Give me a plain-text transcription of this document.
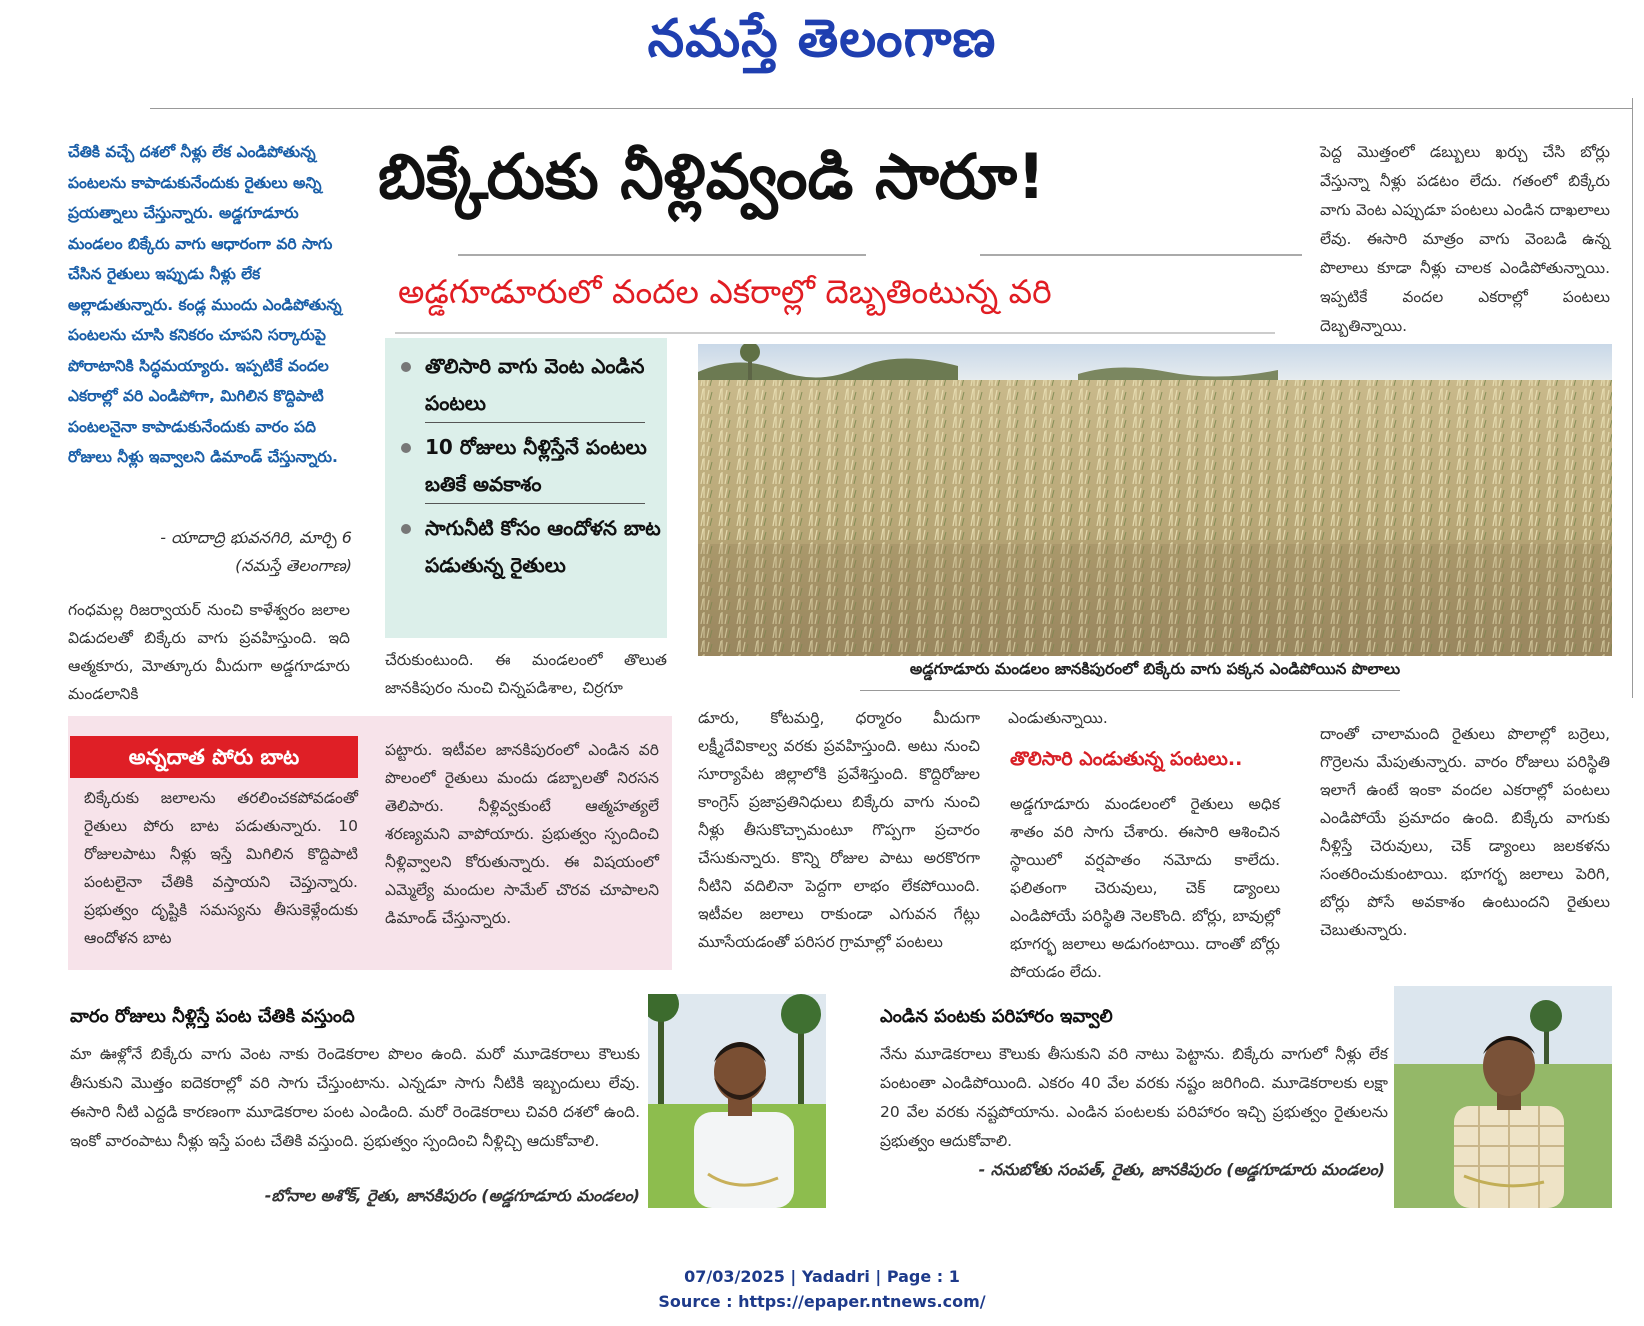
నమస్తే తెలంగాణ
చేతికి వచ్చే దశలో నీళ్లు లేక ఎండిపోతున్న పంటలను కాపాడుకునేందుకు రైతులు అన్ని ప్రయత్నాలు చేస్తున్నారు. అడ్డగూడూరు మండలం బిక్కేరు వాగు ఆధారంగా వరి సాగు చేసిన రైతులు ఇప్పుడు నీళ్లు లేక అల్లాడుతున్నారు. కండ్ల ముందు ఎండిపోతున్న పంటలను చూసి కనికరం చూపని సర్కారుపై పోరాటానికి సిద్ధమయ్యారు. ఇప్పటికే వందల ఎకరాల్లో వరి ఎండిపోగా, మిగిలిన కొద్దిపాటి పంటలనైనా కాపాడుకునేందుకు వారం పది రోజులు నీళ్లు ఇవ్వాలని డిమాండ్ చేస్తున్నారు.
- యాదాద్రి భువనగిరి, మార్చి 6
(నమస్తే తెలంగాణ)
బిక్కేరుకు నీళ్లివ్వండి సారూ!
అడ్డగూడూరులో వందల ఎకరాల్లో దెబ్బతింటున్న వరి
పెద్ద మొత్తంలో డబ్బులు ఖర్చు చేసి బోర్లు వేస్తున్నా నీళ్లు పడటం లేదు. గతంలో బిక్కేరు వాగు వెంట ఎప్పుడూ పంటలు ఎండిన దాఖలాలు లేవు. ఈసారి మాత్రం వాగు వెంబడి ఉన్న పొలాలు కూడా నీళ్లు చాలక ఎండిపోతున్నాయి. ఇప్పటికే వందల ఎకరాల్లో పంటలు దెబ్బతిన్నాయి.
తొలిసారి వాగు వెంట ఎండిన పంటలు
10 రోజులు నీళ్లిస్తేనే పంటలు బతికే అవకాశం
సాగునీటి కోసం ఆందోళన బాట పడుతున్న రైతులు
అడ్డగూడూరు మండలం జానకిపురంలో బిక్కేరు వాగు పక్కన ఎండిపోయిన పొలాలు
గంధమల్ల రిజర్వాయర్ నుంచి కాళేశ్వరం జలాల విడుదలతో బిక్కేరు వాగు ప్రవహిస్తుంది. ఇది ఆత్మకూరు, మోత్కూరు మీదుగా అడ్డగూడూరు మండలానికి
చేరుకుంటుంది. ఈ మండలంలో తొలుత జానకిపురం నుంచి చిన్నపడిశాల, చిర్రగూ
అన్నదాత పోరు బాట
బిక్కేరుకు జలాలను తరలించకపోవడంతో రైతులు పోరు బాట పడుతున్నారు. 10 రోజులపాటు నీళ్లు ఇస్తే మిగిలిన కొద్దిపాటి పంటలైనా చేతికి వస్తాయని చెప్తున్నారు. ప్రభుత్వం దృష్టికి సమస్యను తీసుకెళ్లేందుకు ఆందోళన బాట
పట్టారు. ఇటీవల జానకిపురంలో ఎండిన వరి పొలంలో రైతులు మందు డబ్బాలతో నిరసన తెలిపారు. నీళ్లివ్వకుంటే ఆత్మహత్యలే శరణ్యమని వాపోయారు. ప్రభుత్వం స్పందించి నీళ్లివ్వాలని కోరుతున్నారు. ఈ విషయంలో ఎమ్మెల్యే మందుల సామేల్ చొరవ చూపాలని డిమాండ్ చేస్తున్నారు.
డూరు, కోటమర్తి, ధర్మారం మీదుగా లక్ష్మీదేవికాల్వ వరకు ప్రవహిస్తుంది. అటు నుంచి సూర్యాపేట జిల్లాలోకి ప్రవేశిస్తుంది. కొద్దిరోజుల కాంగ్రెస్ ప్రజాప్రతినిధులు బిక్కేరు వాగు నుంచి నీళ్లు తీసుకొచ్చామంటూ గొప్పగా ప్రచారం చేసుకున్నారు. కొన్ని రోజుల పాటు అరకొరగా నీటిని వదిలినా పెద్దగా లాభం లేకపోయింది. ఇటీవల జలాలు రాకుండా ఎగువన గేట్లు మూసేయడంతో పరిసర గ్రామాల్లో పంటలు
ఎండుతున్నాయి.
తొలిసారి ఎండుతున్న పంటలు..
అడ్డగూడూరు మండలంలో రైతులు అధిక శాతం వరి సాగు చేశారు. ఈసారి ఆశించిన స్థాయిలో వర్షపాతం నమోదు కాలేదు. ఫలితంగా చెరువులు, చెక్ డ్యాంలు ఎండిపోయే పరిస్థితి నెలకొంది. బోర్లు, బావుల్లో భూగర్భ జలాలు అడుగంటాయి. దాంతో బోర్లు పోయడం లేదు.
దాంతో చాలామంది రైతులు పొలాల్లో బర్రెలు, గొర్రెలను మేపుతున్నారు. వారం రోజులు పరిస్థితి ఇలాగే ఉంటే ఇంకా వందల ఎకరాల్లో పంటలు ఎండిపోయే ప్రమాదం ఉంది. బిక్కేరు వాగుకు నీళ్లిస్తే చెరువులు, చెక్ డ్యాంలు జలకళను సంతరించుకుంటాయి. భూగర్భ జలాలు పెరిగి, బోర్లు పోసే అవకాశం ఉంటుందని రైతులు చెబుతున్నారు.
వారం రోజులు నీళ్లిస్తే పంట చేతికి వస్తుంది
మా ఊళ్లోనే బిక్కేరు వాగు వెంట నాకు రెండెకరాల పొలం ఉంది. మరో మూడెకరాలు కౌలుకు తీసుకుని మొత్తం ఐదెకరాల్లో వరి సాగు చేస్తుంటాను. ఎన్నడూ సాగు నీటికి ఇబ్బందులు లేవు. ఈసారి నీటి ఎద్దడి కారణంగా మూడెకరాల పంట ఎండింది. మరో రెండెకరాలు చివరి దశలో ఉంది. ఇంకో వారంపాటు నీళ్లు ఇస్తే పంట చేతికి వస్తుంది. ప్రభుత్వం స్పందించి నీళ్లిచ్చి ఆదుకోవాలి.
-బోనాల అశోక్, రైతు, జానకిపురం (అడ్డగూడూరు మండలం)
ఎండిన పంటకు పరిహారం ఇవ్వాలి
నేను మూడెకరాలు కౌలుకు తీసుకుని వరి నాటు పెట్టాను. బిక్కేరు వాగులో నీళ్లు లేక పంటంతా ఎండిపోయింది. ఎకరం 40 వేల వరకు నష్టం జరిగింది. మూడెకరాలకు లక్షా 20 వేల వరకు నష్టపోయాను. ఎండిన పంటలకు పరిహారం ఇచ్చి ప్రభుత్వం రైతులను ప్రభుత్వం ఆదుకోవాలి.
- ననుబోతు సంపత్, రైతు, జానకిపురం (అడ్డగూడూరు మండలం)
07/03/2025 | Yadadri | Page : 1
Source : https://epaper.ntnews.com/
